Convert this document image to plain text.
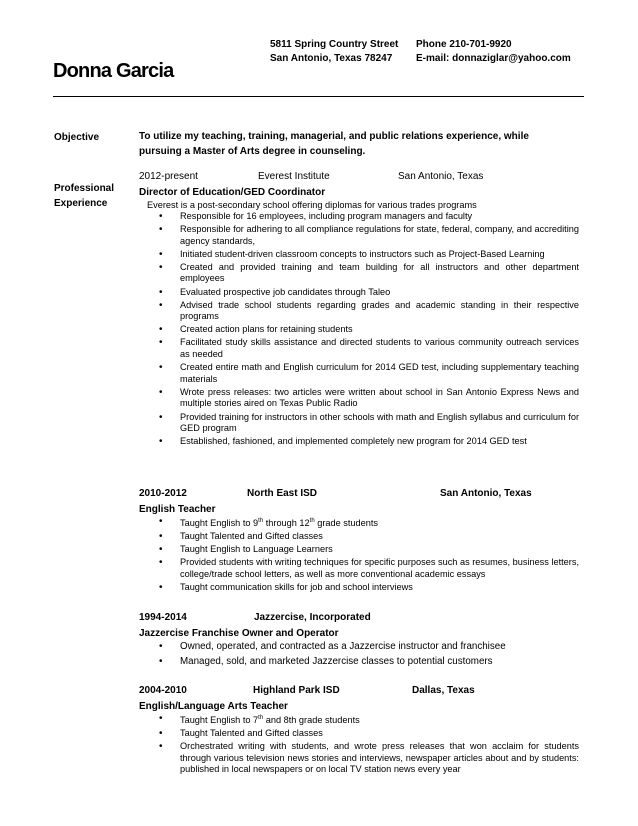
5811 Spring Country Street
San Antonio, Texas 78247
Phone 210-701-9920
E-mail: donnaziglar@yahoo.com
Donna Garcia
Objective
Professional
Experience
To utilize my teaching, training, managerial, and public relations experience, while pursuing a Master of Arts degree in counseling.
2012-present	Everest Institute	San Antonio, Texas
Director of Education/GED Coordinator
Everest is a post-secondary school offering diplomas for various trades programs
• Responsible for 16 employees, including program managers and faculty
• Responsible for adhering to all compliance regulations for state, federal, company, and accrediting agency standards,
• Initiated student-driven classroom concepts to instructors such as Project-Based Learning
• Created and provided training and team building for all instructors and other department employees
• Evaluated prospective job candidates through Taleo
• Advised trade school students regarding grades and academic standing in their respective programs
• Created action plans for retaining students
• Facilitated study skills assistance and directed students to various community outreach services as needed
• Created entire math and English curriculum for 2014 GED test, including supplementary teaching materials
• Wrote press releases: two articles were written about school in San Antonio Express News and multiple stories aired on Texas Public Radio
• Provided training for instructors in other schools with math and English syllabus and curriculum for GED program
• Established, fashioned, and implemented completely new program for 2014 GED test
2010-2012	North East ISD	San Antonio, Texas
English Teacher
• Taught English to 9th through 12th grade students
• Taught Talented and Gifted classes
• Taught English to Language Learners
• Provided students with writing techniques for specific purposes such as resumes, business letters, college/trade school letters, as well as more conventional academic essays
• Taught communication skills for job and school interviews
1994-2014	Jazzercise, Incorporated
Jazzercise Franchise Owner and Operator
• Owned, operated, and contracted as a Jazzercise instructor and franchisee
• Managed, sold, and marketed Jazzercise classes to potential customers
2004-2010	Highland Park ISD	Dallas, Texas
English/Language Arts Teacher
• Taught English to 7th and 8th grade students
• Taught Talented and Gifted classes
• Orchestrated writing with students, and wrote press releases that won acclaim for students through various television news stories and interviews, newspaper articles about and by students: published in local newspapers or on local TV station news every year
